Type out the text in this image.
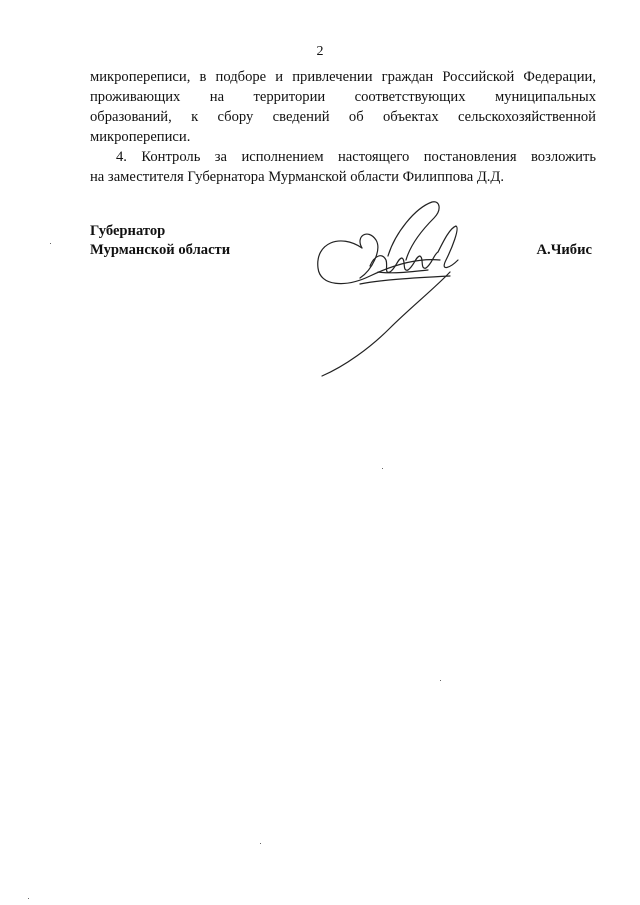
2
микропереписи, в подборе и привлечении граждан Российской Федерации,
проживающих на территории соответствующих муниципальных
образований, к сбору сведений об объектах сельскохозяйственной
микропереписи.
4. Контроль за исполнением настоящего постановления возложить
на заместителя Губернатора Мурманской области Филиппова Д.Д.
Губернатор
Мурманской области	А.Чибис
